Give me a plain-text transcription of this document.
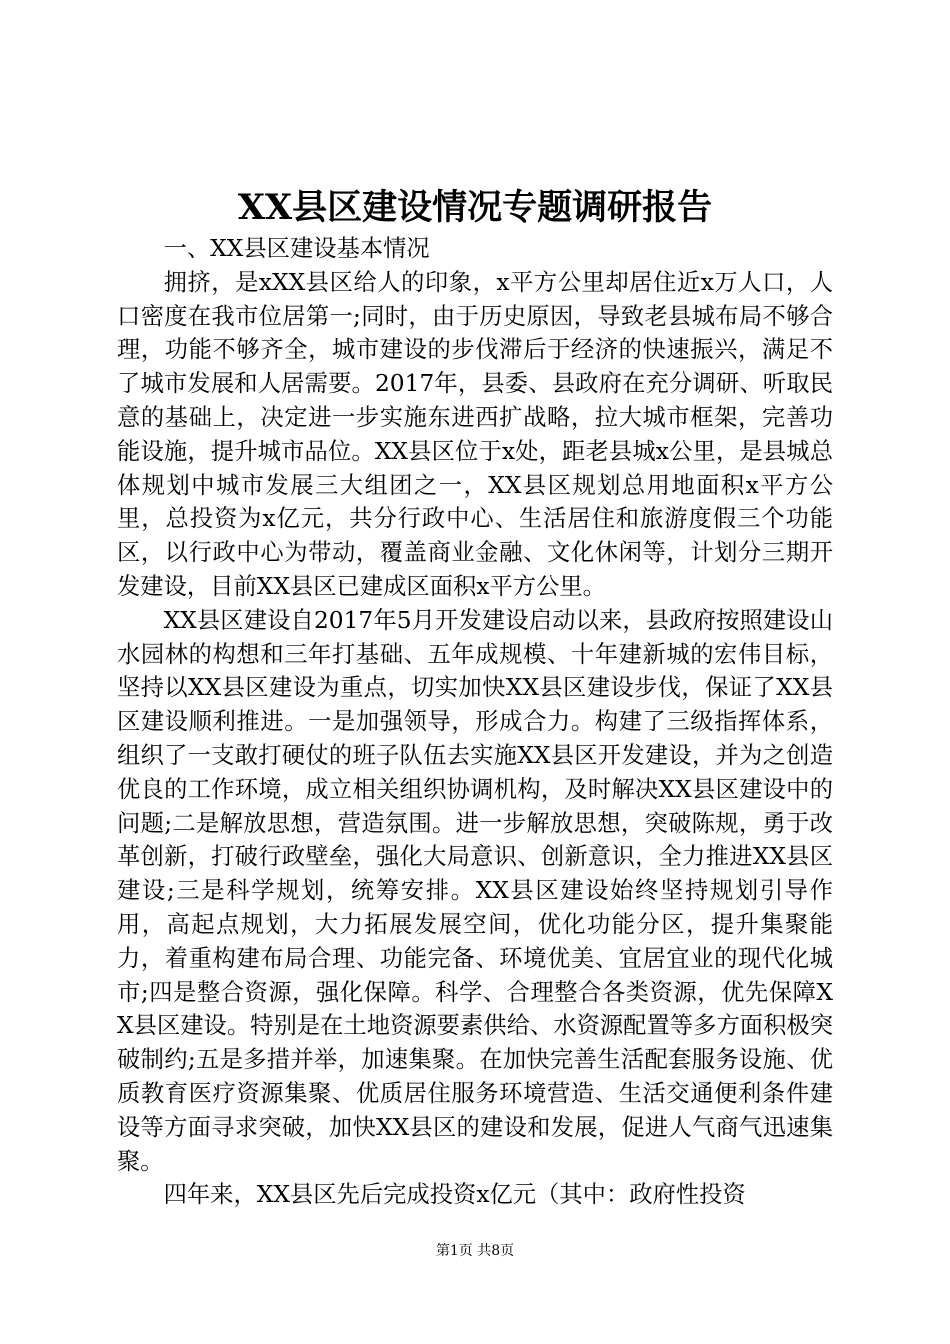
XX县区建设情况专题调研报告

一、XX县区建设基本情况

拥挤，是xXX县区给人的印象，x平方公里却居住近x万人口，人口密度在我市位居第一;同时，由于历史原因，导致老县城布局不够合理，功能不够齐全，城市建设的步伐滞后于经济的快速振兴，满足不了城市发展和人居需要。2017年，县委、县政府在充分调研、听取民意的基础上，决定进一步实施东进西扩战略，拉大城市框架，完善功能设施，提升城市品位。XX县区位于x处，距老县城x公里，是县城总体规划中城市发展三大组团之一，XX县区规划总用地面积x平方公里，总投资为x亿元，共分行政中心、生活居住和旅游度假三个功能区，以行政中心为带动，覆盖商业金融、文化休闲等，计划分三期开发建设，目前XX县区已建成区面积x平方公里。

XX县区建设自2017年5月开发建设启动以来，县政府按照建设山水园林的构想和三年打基础、五年成规模、十年建新城的宏伟目标，坚持以XX县区建设为重点，切实加快XX县区建设步伐，保证了XX县区建设顺利推进。一是加强领导，形成合力。构建了三级指挥体系，组织了一支敢打硬仗的班子队伍去实施XX县区开发建设，并为之创造优良的工作环境，成立相关组织协调机构，及时解决XX县区建设中的问题;二是解放思想，营造氛围。进一步解放思想，突破陈规，勇于改革创新，打破行政壁垒，强化大局意识、创新意识，全力推进XX县区建设;三是科学规划，统筹安排。XX县区建设始终坚持规划引导作用，高起点规划，大力拓展发展空间，优化功能分区，提升集聚能力，着重构建布局合理、功能完备、环境优美、宜居宜业的现代化城市;四是整合资源，强化保障。科学、合理整合各类资源，优先保障XX县区建设。特别是在土地资源要素供给、水资源配置等多方面积极突破制约;五是多措并举，加速集聚。在加快完善生活配套服务设施、优质教育医疗资源集聚、优质居住服务环境营造、生活交通便利条件建设等方面寻求突破，加快XX县区的建设和发展，促进人气商气迅速集聚。

四年来，XX县区先后完成投资x亿元（其中：政府性投资

第1页 共8页
